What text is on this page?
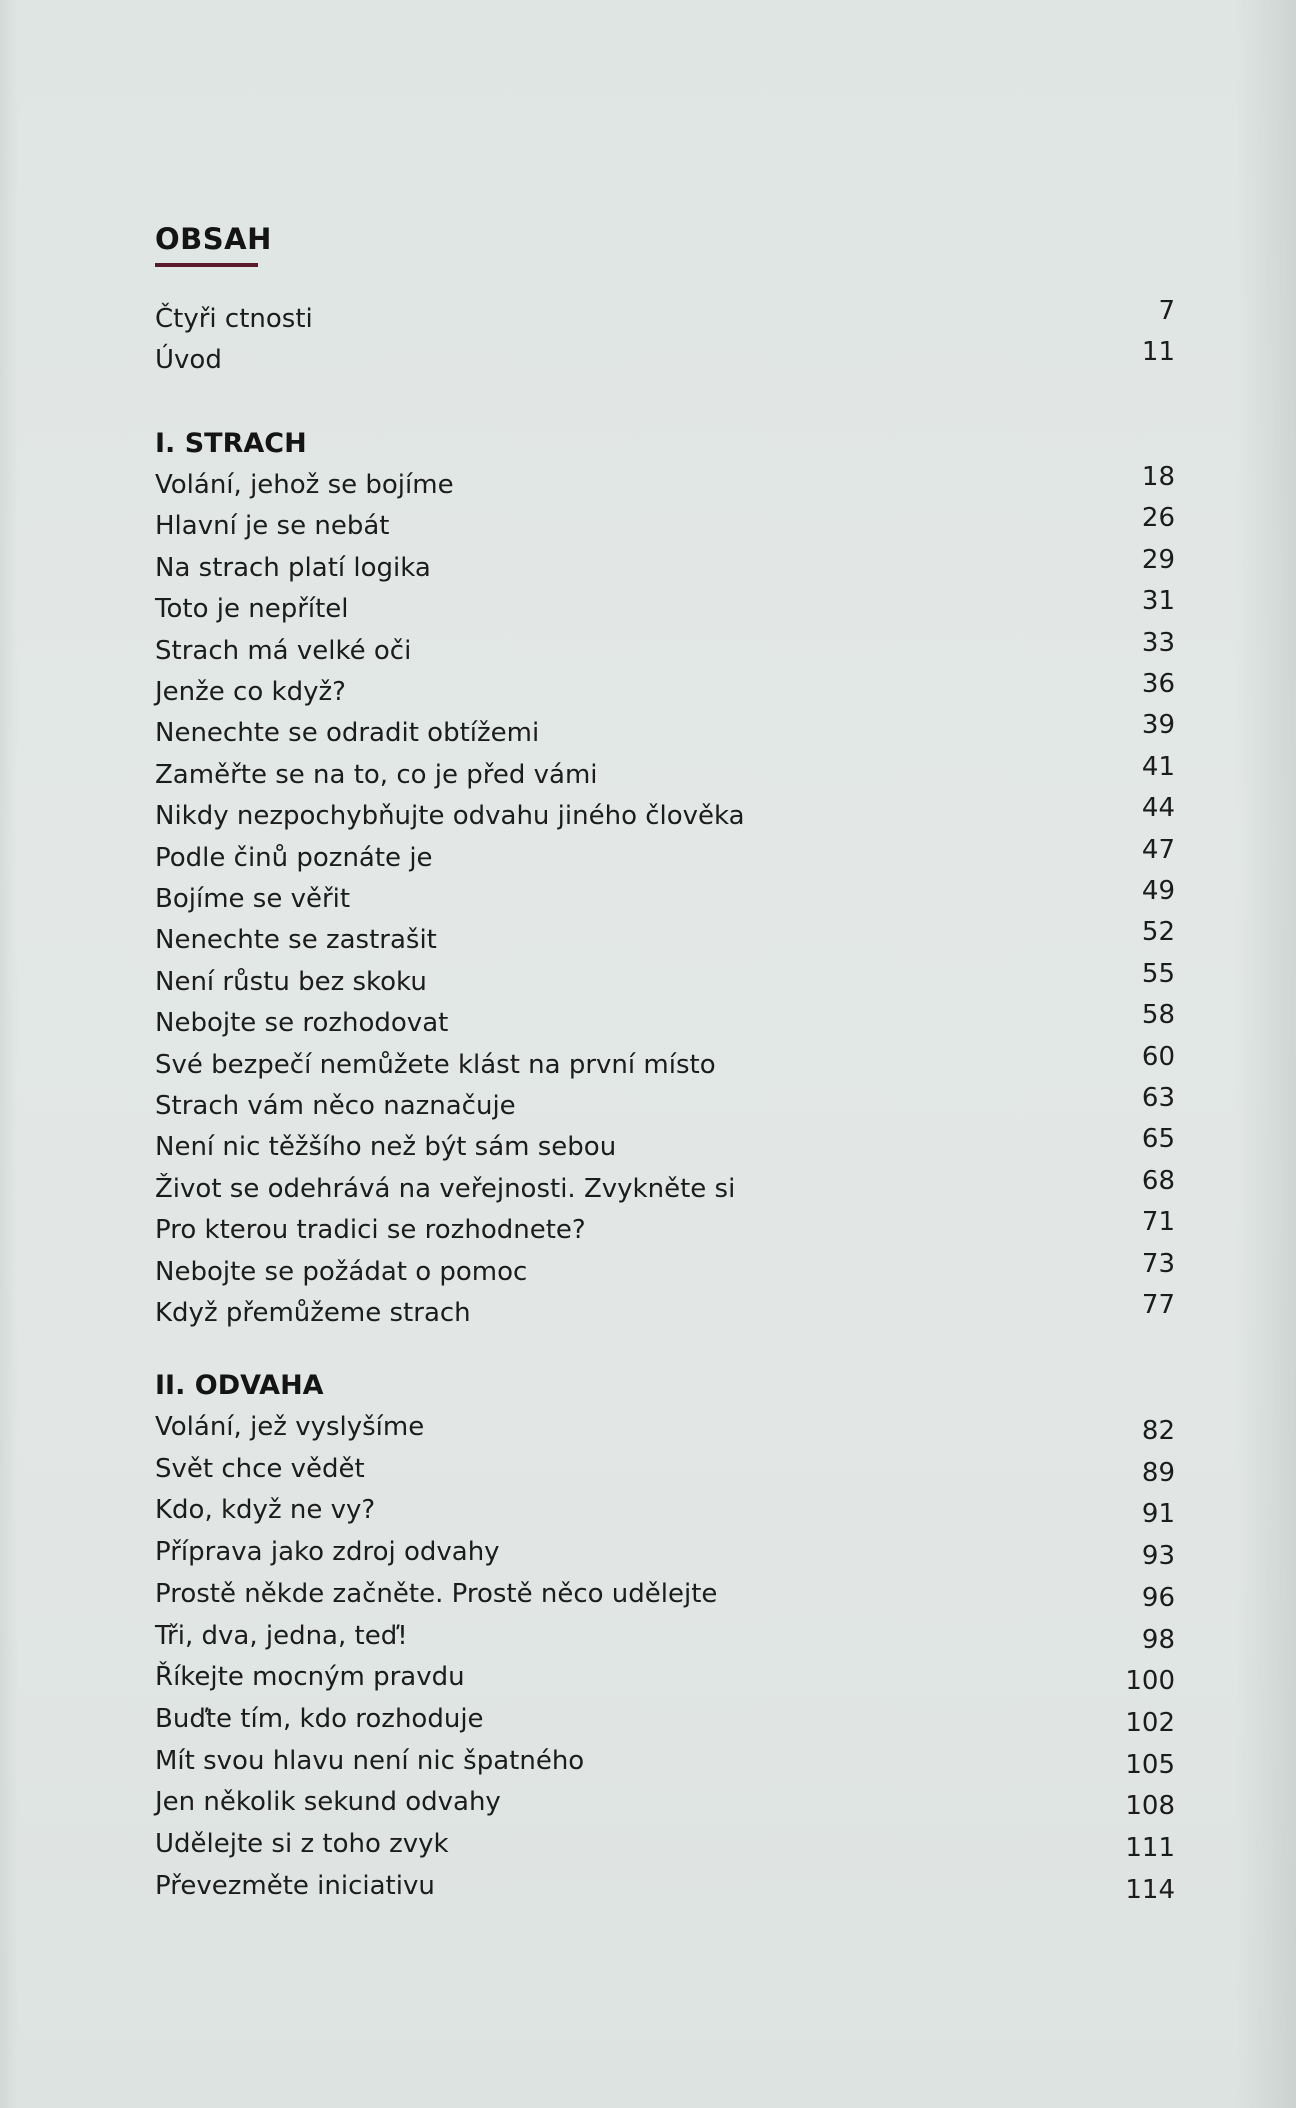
OBSAH
Čtyři ctnosti	7
Úvod	11
I. STRACH
Volání, jehož se bojíme	18
Hlavní je se nebát	26
Na strach platí logika	29
Toto je nepřítel	31
Strach má velké oči	33
Jenže co když?	36
Nenechte se odradit obtížemi	39
Zaměřte se na to, co je před vámi	41
Nikdy nezpochybňujte odvahu jiného člověka	44
Podle činů poznáte je	47
Bojíme se věřit	49
Nenechte se zastrašit	52
Není růstu bez skoku	55
Nebojte se rozhodovat	58
Své bezpečí nemůžete klást na první místo	60
Strach vám něco naznačuje	63
Není nic těžšího než být sám sebou	65
Život se odehrává na veřejnosti. Zvykněte si	68
Pro kterou tradici se rozhodnete?	71
Nebojte se požádat o pomoc	73
Když přemůžeme strach	77
II. ODVAHA
Volání, jež vyslyšíme	82
Svět chce vědět	89
Kdo, když ne vy?	91
Příprava jako zdroj odvahy	93
Prostě někde začněte. Prostě něco udělejte	96
Tři, dva, jedna, teď!	98
Říkejte mocným pravdu	100
Buďte tím, kdo rozhoduje	102
Mít svou hlavu není nic špatného	105
Jen několik sekund odvahy	108
Udělejte si z toho zvyk	111
Převezměte iniciativu	114
